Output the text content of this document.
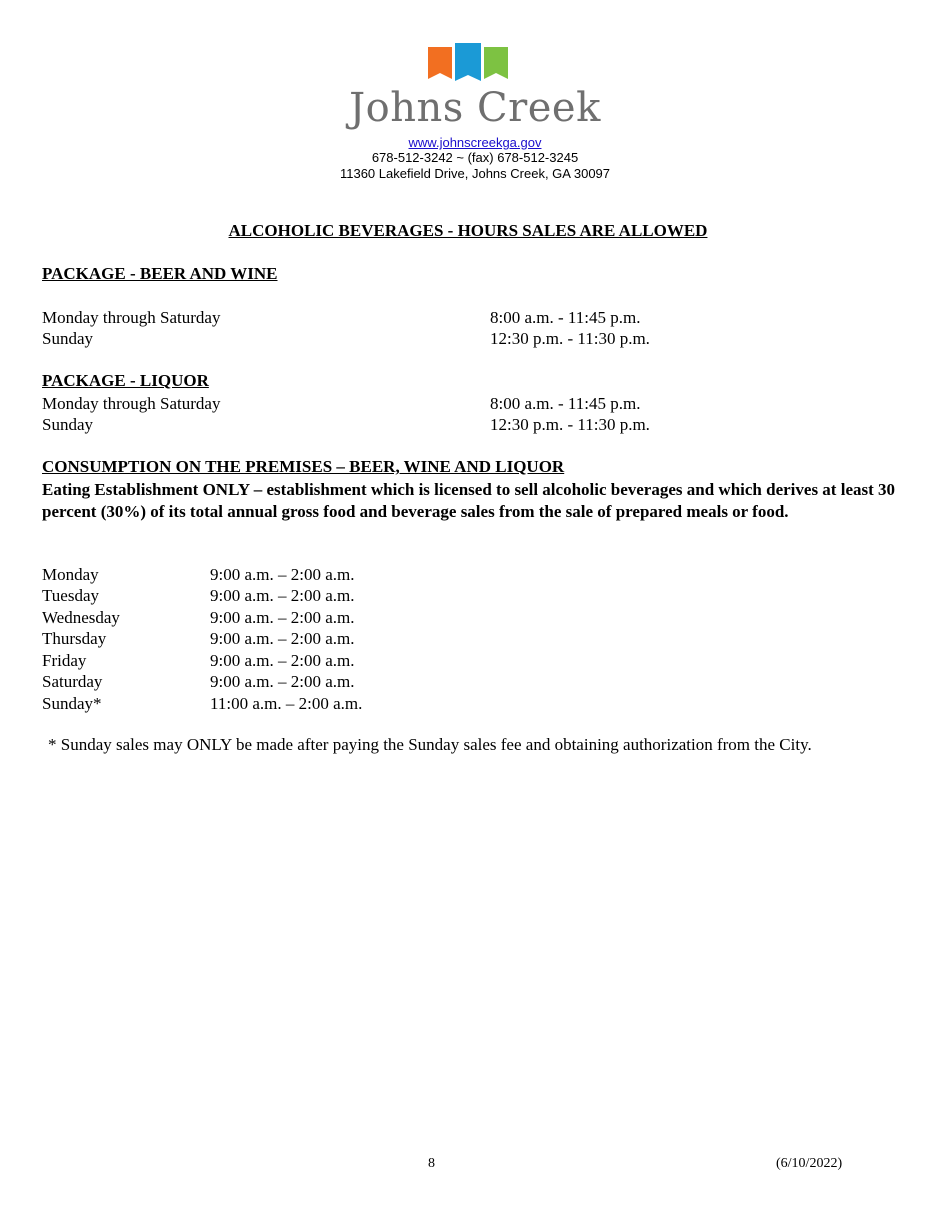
Johns Creek
www.johnscreekga.gov
678-512-3242 ~ (fax) 678-512-3245
11360 Lakefield Drive, Johns Creek, GA 30097
ALCOHOLIC BEVERAGES - HOURS SALES ARE ALLOWED
PACKAGE - BEER AND WINE
Monday through Saturday	8:00 a.m. - 11:45 p.m.
Sunday	12:30 p.m. - 11:30 p.m.
PACKAGE - LIQUOR
Monday through Saturday	8:00 a.m. - 11:45 p.m.
Sunday	12:30 p.m. - 11:30 p.m.
CONSUMPTION ON THE PREMISES – BEER, WINE AND LIQUOR
Eating Establishment ONLY – establishment which is licensed to sell alcoholic beverages and which derives at least 30 percent (30%) of its total annual gross food and beverage sales from the sale of prepared meals or food.
Monday	9:00 a.m. – 2:00 a.m.
Tuesday	9:00 a.m. – 2:00 a.m.
Wednesday	9:00 a.m. – 2:00 a.m.
Thursday	9:00 a.m. – 2:00 a.m.
Friday	9:00 a.m. – 2:00 a.m.
Saturday	9:00 a.m. – 2:00 a.m.
Sunday*	11:00 a.m. – 2:00 a.m.
* Sunday sales may ONLY be made after paying the Sunday sales fee and obtaining authorization from the City.
8	(6/10/2022)
